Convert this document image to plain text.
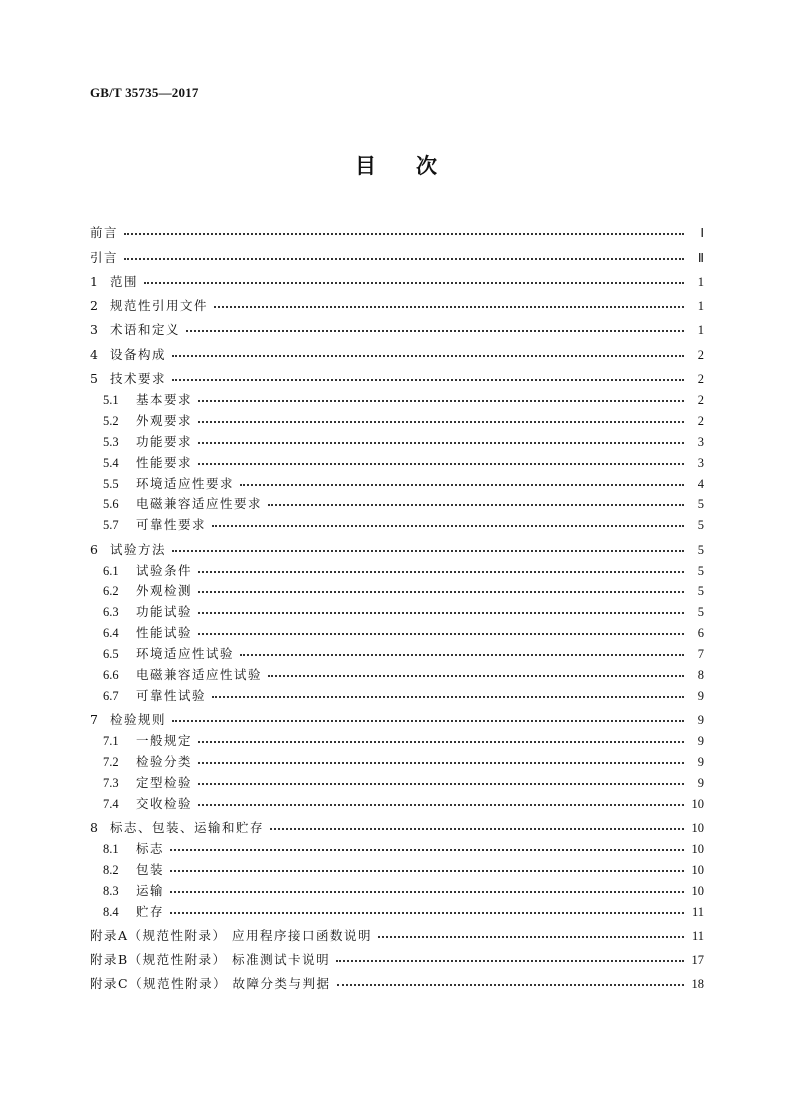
GB/T 35735—2017
目 次
前言	Ⅰ
引言	Ⅱ
1 范围	1
2 规范性引用文件	1
3 术语和定义	1
4 设备构成	2
5 技术要求	2
5.1	基本要求	2
5.2	外观要求	2
5.3	功能要求	3
5.4	性能要求	3
5.5	环境适应性要求	4
5.6	电磁兼容适应性要求	5
5.7	可靠性要求	5
6 试验方法	5
6.1	试验条件	5
6.2	外观检测	5
6.3	功能试验	5
6.4	性能试验	6
6.5	环境适应性试验	7
6.6	电磁兼容适应性试验	8
6.7	可靠性试验	9
7 检验规则	9
7.1	一般规定	9
7.2	检验分类	9
7.3	定型检验	9
7.4	交收检验	10
8 标志、包装、运输和贮存	10
8.1	标志	10
8.2	包装	10
8.3	运输	10
8.4	贮存	11
附录A（规范性附录） 应用程序接口函数说明	11
附录B（规范性附录） 标准测试卡说明	17
附录C（规范性附录） 故障分类与判据	18
